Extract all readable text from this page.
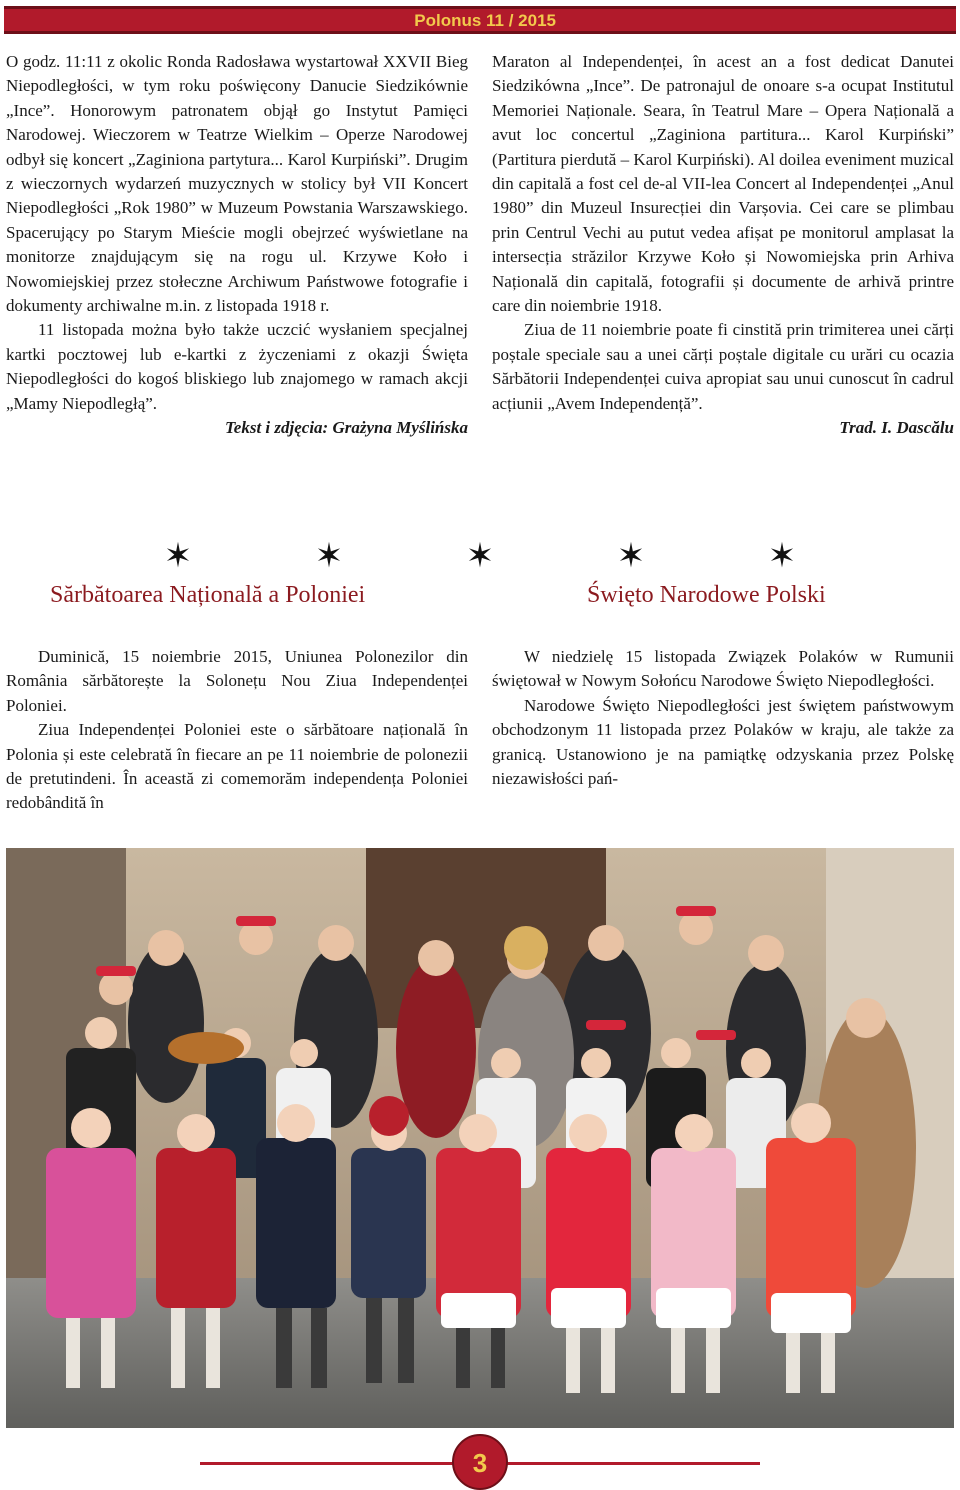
Polonus 11 / 2015

O godz. 11:11 z okolic Ronda Radosława wystartował XXVII Bieg Niepodległości, w tym roku poświęcony Danucie Siedzikównie „Ince”. Honorowym patronatem objął go Instytut Pamięci Narodowej. Wieczorem w Teatrze Wielkim – Operze Narodowej odbył się koncert „Zaginiona partytura... Karol Kurpiński”. Drugim z wieczornych wydarzeń muzycznych w stolicy był VII Koncert Niepodległości „Rok 1980” w Muzeum Powstania Warszawskiego. Spacerujący po Starym Mieście mogli obejrzeć wyświetlane na monitorze znajdującym się na rogu ul. Krzywe Koło i Nowomiejskiej przez stołeczne Archiwum Państwowe fotografie i dokumenty archiwalne m.in. z listopada 1918 r.

11 listopada można było także uczcić wysłaniem specjalnej kartki pocztowej lub e-kartki z życzeniami z okazji Święta Niepodległości do kogoś bliskiego lub znajomego w ramach akcji „Mamy Niepodległą”.

Tekst i zdjęcia: Grażyna Myślińska

Maraton al Independenței, în acest an a fost dedicat Danutei Siedzikówna „Ince”. De patronajul de onoare s-a ocupat Institutul Memoriei Naționale. Seara, în Teatrul Mare – Opera Națională a avut loc concertul „Zaginiona partitura... Karol Kurpiński” (Partitura pierdută – Karol Kurpiński). Al doilea eveniment muzical din capitală a fost cel de-al VII-lea Concert al Independenței „Anul 1980” din Muzeul Insurecției din Varșovia. Cei care se plimbau prin Centrul Vechi au putut vedea afișat pe monitorul amplasat la intersecția străzilor Krzywe Koło și Nowomiejska prin Arhiva Națională din capitală, fotografii și documente de arhivă printre care din noiembrie 1918.

Ziua de 11 noiembrie poate fi cinstită prin trimiterea unei cărți poștale speciale sau a unei cărți poștale digitale cu urări cu ocazia Sărbătorii Independenței cuiva apropiat sau unui cunoscut în cadrul acțiunii „Avem Independență”.

Trad. I. Dascălu

✶	✶	✶	✶	✶
Sărbătoarea Națională a Poloniei	Święto Narodowe Polski

Duminică, 15 noiembrie 2015, Uniunea Polonezilor din România sărbătorește la Solonețu Nou Ziua Independenței Poloniei.

Ziua Independenței Poloniei este o sărbătoare națională în Polonia și este celebrată în fiecare an pe 11 noiembrie de polonezii de pretutindeni. În această zi comemorăm independența Poloniei redobândită în

W niedzielę 15 listopada Związek Polaków w Rumunii świętował w Nowym Sołońcu Narodowe Święto Niepodległości.

Narodowe Święto Niepodległości jest świętem państwowym obchodzonym 11 listopada przez Polaków w kraju, ale także za granicą. Ustanowiono je na pamiątkę odzyskania przez Polskę niezawisłości pań-

3
